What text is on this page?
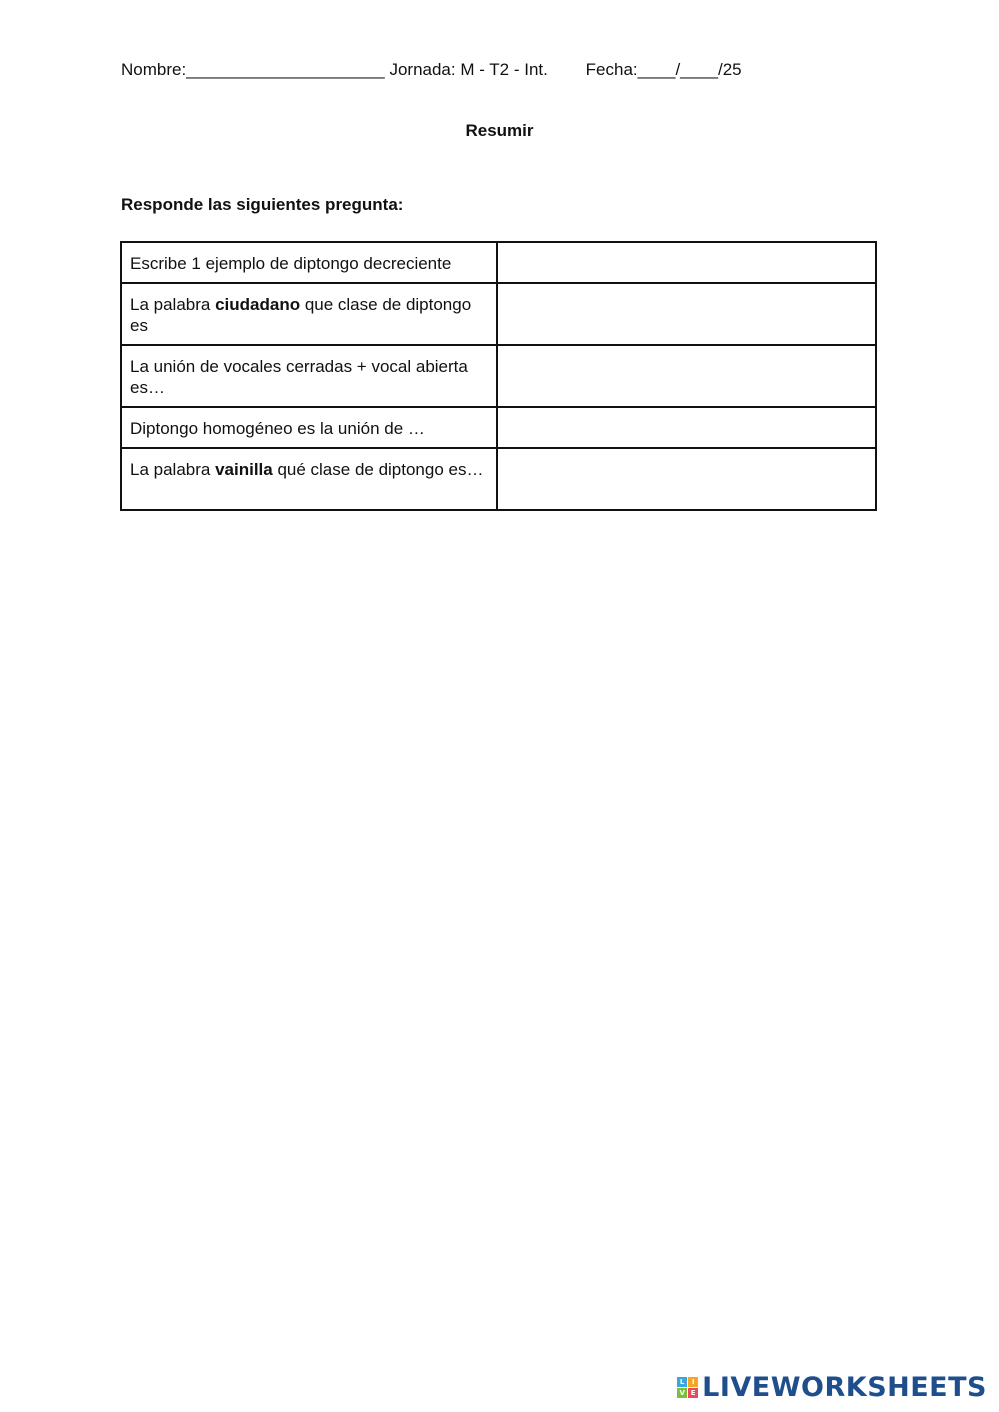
Nombre:_____________________ Jornada: M - T2 - Int.        Fecha:____/____/25
Resumir
Responde las siguientes pregunta:
Escribe 1 ejemplo de diptongo decreciente	
La palabra ciudadano que clase de diptongo es	
La unión de vocales cerradas + vocal abierta es…	
Diptongo homogéneo es la unión de …	
La palabra vainilla qué clase de diptongo es…	
L	I
V E LIVEWORKSHEETS
